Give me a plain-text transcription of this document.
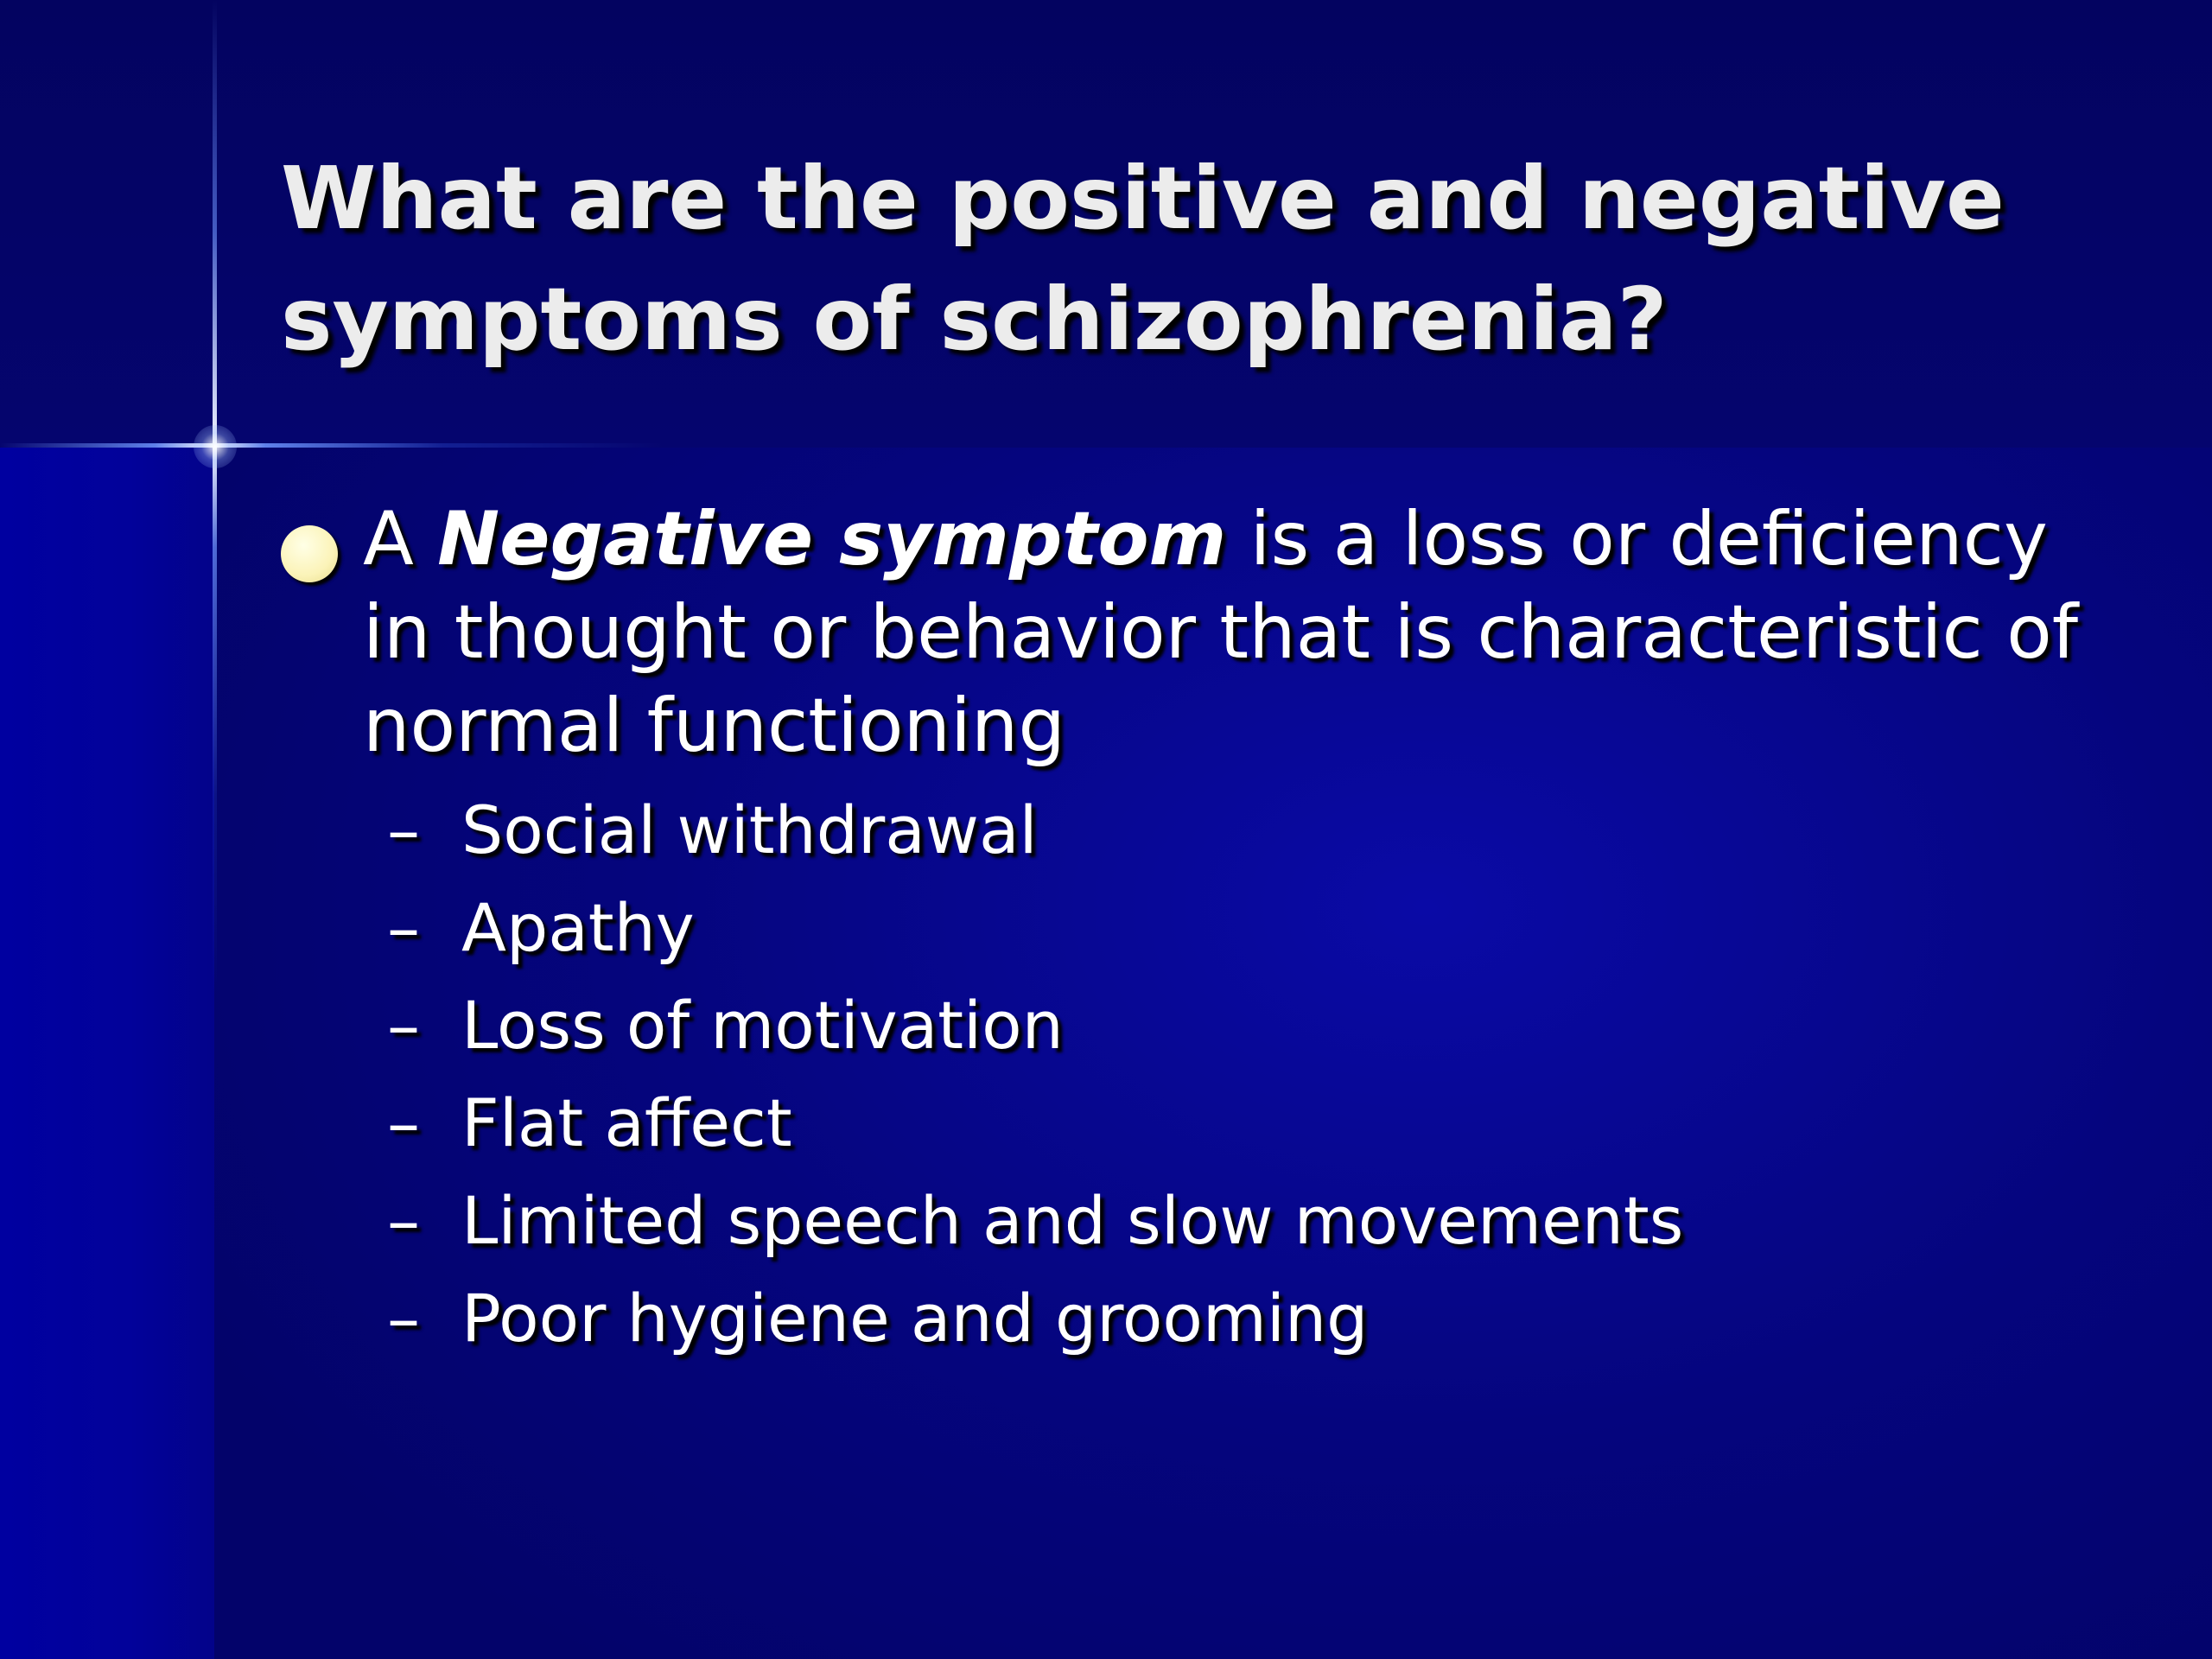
What are the positive and negative symptoms of schizophrenia?

A Negative symptom is a loss or deficiency in thought or behavior that is characteristic of normal functioning

– Social withdrawal
– Apathy
– Loss of motivation
– Flat affect
– Limited speech and slow movements
– Poor hygiene and grooming
